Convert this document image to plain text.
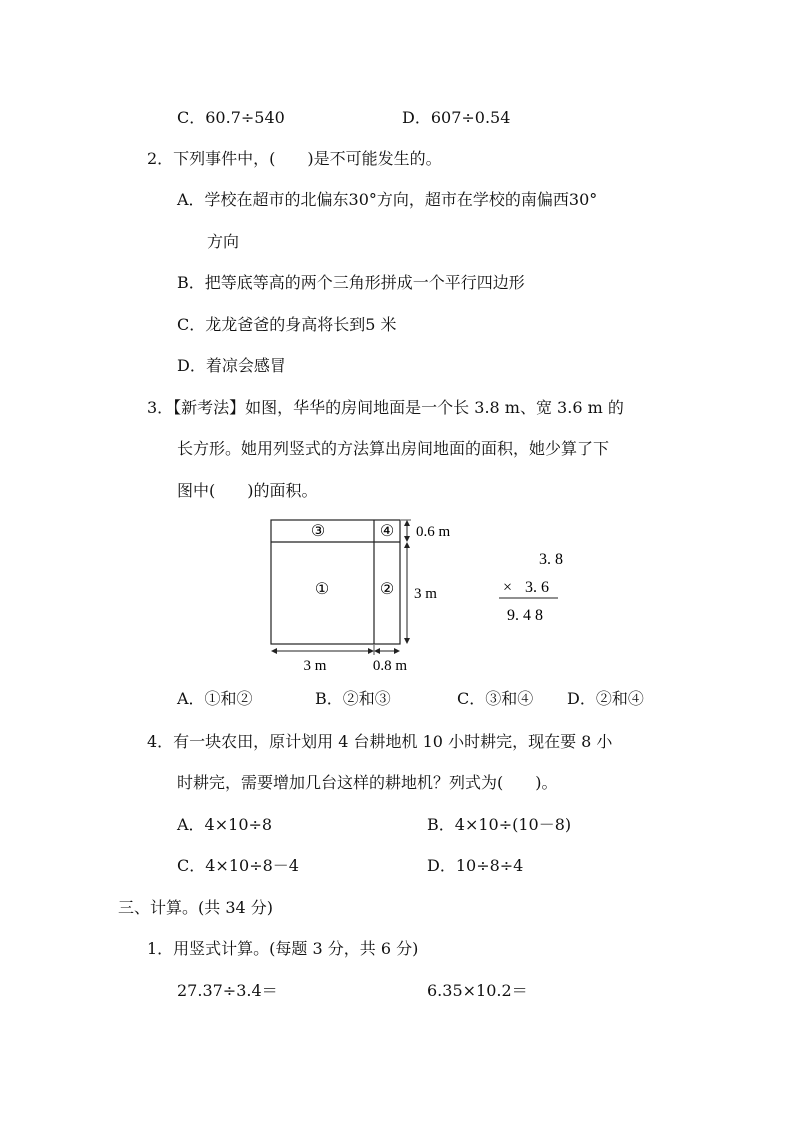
C．60.7÷540	D．607÷0.54
2．下列事件中，(　　)是不可能发生的。
A．学校在超市的北偏东30°方向，超市在学校的南偏西30°
方向
B．把等底等高的两个三角形拼成一个平行四边形
C．龙龙爸爸的身高将长到5 米
D．着凉会感冒
3．【新考法】如图，华华的房间地面是一个长 3.8 m、宽 3.6 m 的
长方形。她用列竖式的方法算出房间地面的面积，她少算了下
图中(　　)的面积。
③	④
①	②
0.6 m
3 m
3 m	0.8 m
3. 8
× 3. 6
9. 4 8
A．①和②	B．②和③	C．③和④ D．②和④
4．有一块农田，原计划用 4 台耕地机 10 小时耕完，现在要 8 小
时耕完，需要增加几台这样的耕地机？列式为(　　)。
A．4×10÷8	B．4×10÷(10－8)
C．4×10÷8－4	D．10÷8÷4
三、计算。(共 34 分)
1．用竖式计算。(每题 3 分，共 6 分)
27.37÷3.4＝	6.35×10.2＝
